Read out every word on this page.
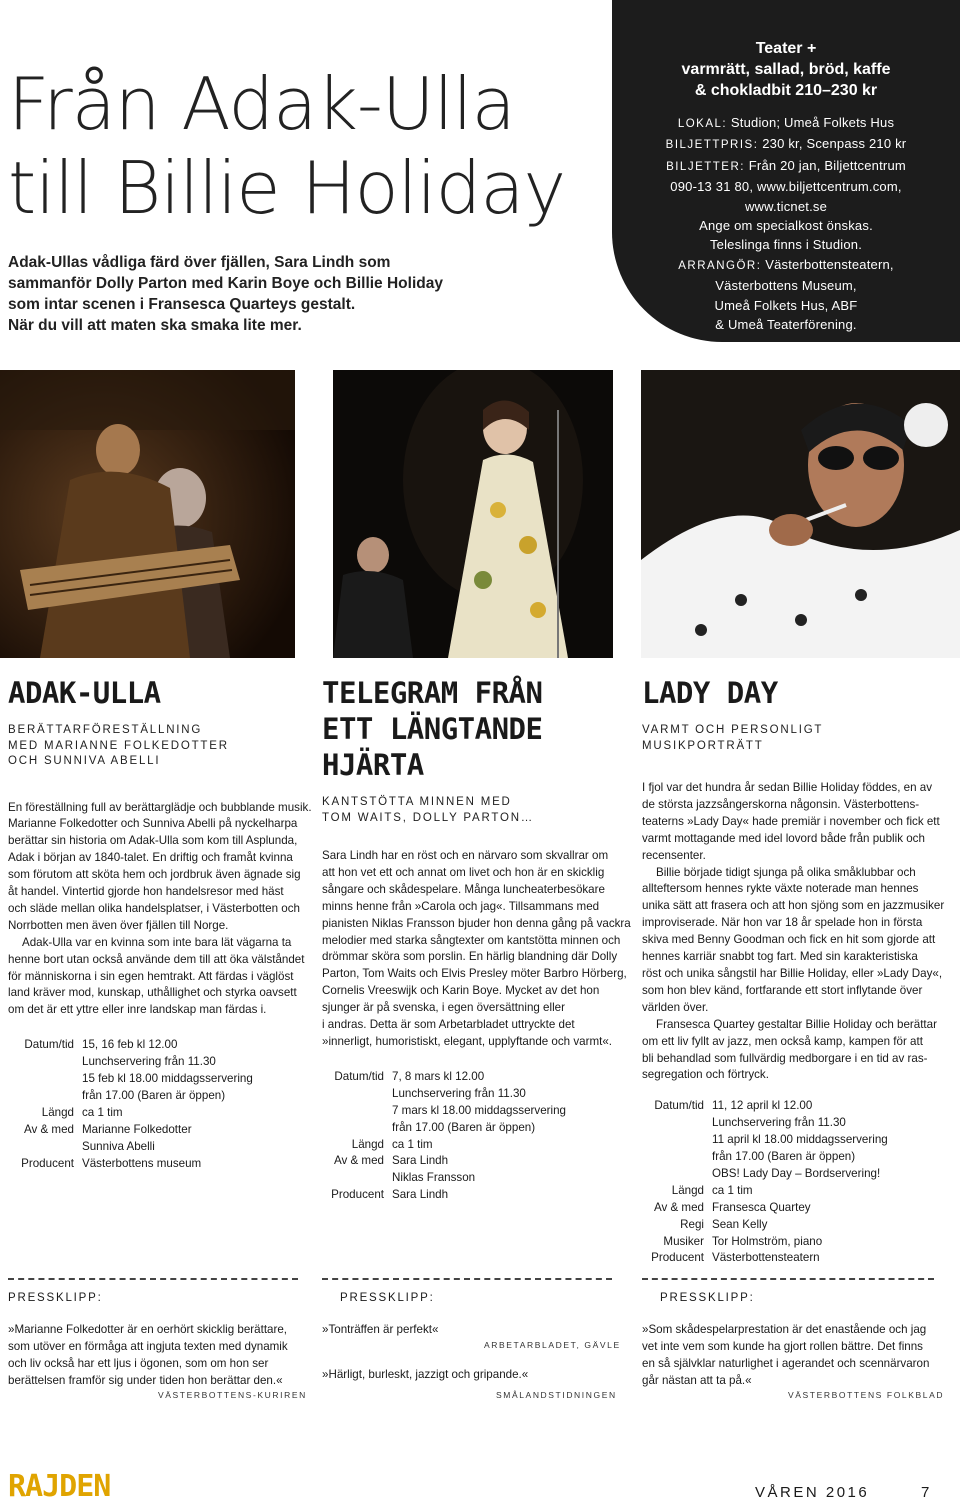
Från Adak-Ulla
till Billie Holiday
Adak-Ullas vådliga färd över fjällen, Sara Lindh som
sammanför Dolly Parton med Karin Boye och Billie Holiday
som intar scenen i Fransesca Quarteys gestalt.
När du vill att maten ska smaka lite mer.
Teater +
varmrätt, sallad, bröd, kaffe
& chokladbit 210–230 kr
LOKAL: Studion; Umeå Folkets Hus
BILJETTPRIS: 230 kr, Scenpass 210 kr
BILJETTER: Från 20 jan, Biljettcentrum
090-13 31 80, www.biljettcentrum.com,
www.ticnet.se
Ange om specialkost önskas.
Teleslinga finns i Studion.
ARRANGÖR: Västerbottensteatern,
Västerbottens Museum,
Umeå Folkets Hus, ABF
& Umeå Teaterförening.
ADAK-ULLA
BERÄTTARFÖRESTÄLLNING
MED MARIANNE FOLKEDOTTER
OCH SUNNIVA ABELLI
En föreställning full av berättarglädje och bubblande musik.
Marianne Folkedotter och Sunniva Abelli på nyckelharpa
berättar sin historia om Adak-Ulla som kom till Asplunda,
Adak i början av 1840-talet. En driftig och framåt kvinna
som förutom att sköta hem och jordbruk även ägnade sig
åt handel. Vintertid gjorde hon handelsresor med häst
och släde mellan olika handelsplatser, i Västerbotten och
Norrbotten men även över fjällen till Norge.
Adak-Ulla var en kvinna som inte bara lät vägarna ta
henne bort utan också använde dem till att öka välståndet
för människorna i sin egen hemtrakt. Att färdas i väglöst
land kräver mod, kunskap, uthållighet och styrka oavsett
om det är ett yttre eller inre landskap man färdas i.
Datum/tid 15, 16 feb kl 12.00
Lunchservering från 11.30
15 feb kl 18.00 middagsservering
från 17.00 (Baren är öppen)
Längd ca 1 tim
Av & med Marianne Folkedotter
Sunniva Abelli
Producent Västerbottens museum
TELEGRAM FRÅN
ETT LÄNGTANDE
HJÄRTA
KANTSTÖTTA MINNEN MED
TOM WAITS, DOLLY PARTON…
Sara Lindh har en röst och en närvaro som skvallrar om
att hon vet ett och annat om livet och hon är en skicklig
sångare och skådespelare. Många luncheaterbesökare
minns henne från »Carola och jag«. Tillsammans med
pianisten Niklas Fransson bjuder hon denna gång på vackra
melodier med starka sångtexter om kantstötta minnen och
drömmar sköra som porslin. En härlig blandning där Dolly
Parton, Tom Waits och Elvis Presley möter Barbro Hörberg,
Cornelis Vreeswijk och Karin Boye. Mycket av det hon
sjunger är på svenska, i egen översättning eller
i andras. Detta är som Arbetarbladet uttryckte det
»innerligt, humoristiskt, elegant, upplyftande och varmt«.
Datum/tid 7, 8 mars kl 12.00
Lunchservering från 11.30
7 mars kl 18.00 middagsservering
från 17.00 (Baren är öppen)
Längd ca 1 tim
Av & med Sara Lindh
Niklas Fransson
Producent Sara Lindh
LADY DAY
VARMT OCH PERSONLIGT
MUSIKPORTRÄTT
I fjol var det hundra år sedan Billie Holiday föddes, en av
de största jazzsångerskorna någonsin. Västerbottens-
teaterns »Lady Day« hade premiär i november och fick ett
varmt mottagande med idel lovord både från publik och
recensenter.
Billie började tidigt sjunga på olika småklubbar och
allteftersom hennes rykte växte noterade man hennes
unika sätt att frasera och att hon sjöng som en jazzmusiker
improviserade. När hon var 18 år spelade hon in första
skiva med Benny Goodman och fick en hit som gjorde att
hennes karriär snabbt tog fart. Med sin karakteristiska
röst och unika sångstil har Billie Holiday, eller »Lady Day«,
som hon blev känd, fortfarande ett stort inflytande över
världen över.
Fransesca Quartey gestaltar Billie Holiday och berättar
om ett liv fyllt av jazz, men också kamp, kampen för att
bli behandlad som fullvärdig medborgare i en tid av ras-
segregation och förtryck.
Datum/tid 11, 12 april kl 12.00
Lunchservering från 11.30
11 april kl 18.00 middagsservering
från 17.00 (Baren är öppen)
OBS! Lady Day – Bordservering!
Längd ca 1 tim
Av & med Fransesca Quartey
Regi Sean Kelly
Musiker Tor Holmström, piano
Producent Västerbottensteatern
PRESSKLIPP:	PRESSKLIPP:	PRESSKLIPP:
»Marianne Folkedotter är en oerhört skicklig berättare,
som utöver en förmåga att ingjuta texten med dynamik
och liv också har ett ljus i ögonen, som om hon ser
berättelsen framför sig under tiden hon berättar den.«
VÄSTERBOTTENS-KURIREN
»Tonträffen är perfekt«
ARBETARBLADET, GÄVLE
»Härligt, burleskt, jazzigt och gripande.«
SMÅLANDSTIDNINGEN
»Som skådespelarprestation är det enastående och jag
vet inte vem som kunde ha gjort rollen bättre. Det finns
en så självklar naturlighet i agerandet och scennärvaron
går nästan att ta på.«
VÄSTERBOTTENS FOLKBLAD
RAJDEN	VÅREN 2016	7
